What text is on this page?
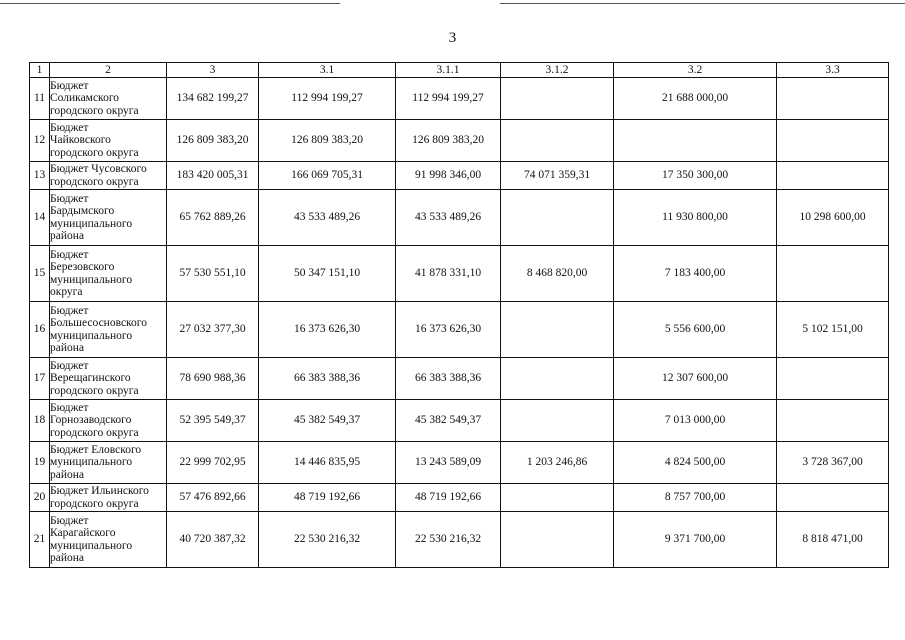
3
1	2	3	3.1	3.1.1	3.1.2	3.2	3.3
11	Бюджет
Соликамского
городского округа	134 682 199,27	112 994 199,27	112 994 199,27		21 688 000,00	
12	Бюджет
Чайковского
городского округа	126 809 383,20	126 809 383,20	126 809 383,20			
13	Бюджет Чусовского
городского округа	183 420 005,31	166 069 705,31	91 998 346,00	74 071 359,31	17 350 300,00	
14	Бюджет
Бардымского
муниципального
района	65 762 889,26	43 533 489,26	43 533 489,26		11 930 800,00	10 298 600,00
15	Бюджет
Березовского
муниципального
округа	57 530 551,10	50 347 151,10	41 878 331,10	8 468 820,00	7 183 400,00	
16	Бюджет
Большесосновского
муниципального
района	27 032 377,30	16 373 626,30	16 373 626,30		5 556 600,00	5 102 151,00
17	Бюджет
Верещагинского
городского округа	78 690 988,36	66 383 388,36	66 383 388,36		12 307 600,00	
18	Бюджет
Горнозаводского
городского округа	52 395 549,37	45 382 549,37	45 382 549,37		7 013 000,00	
19	Бюджет Еловского
муниципального
района	22 999 702,95	14 446 835,95	13 243 589,09	1 203 246,86	4 824 500,00	3 728 367,00
20	Бюджет Ильинского
городского округа	57 476 892,66	48 719 192,66	48 719 192,66		8 757 700,00	
21	Бюджет
Карагайского
муниципального
района	40 720 387,32	22 530 216,32	22 530 216,32		9 371 700,00	8 818 471,00
